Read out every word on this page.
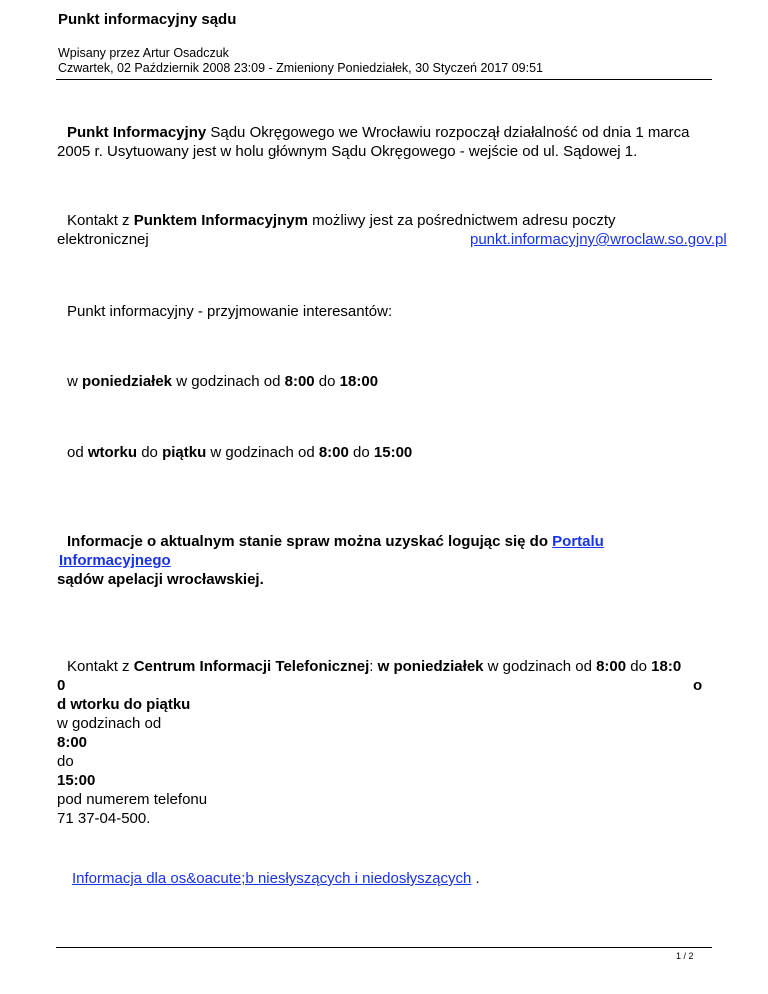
Punkt informacyjny sądu
Wpisany przez Artur Osadczuk
Czwartek, 02 Październik 2008 23:09 - Zmieniony Poniedziałek, 30 Styczeń 2017 09:51
Punkt Informacyjny Sądu Okręgowego we Wrocławiu rozpoczął działalność od dnia 1 marca
2005 r. Usytuowany jest w holu głównym Sądu Okręgowego - wejście od ul. Sądowej 1.
Kontakt z Punktem Informacyjnym możliwy jest za pośrednictwem adresu poczty
elektronicznej	punkt.informacyjny@wroclaw.so.gov.pl
Punkt informacyjny - przyjmowanie interesantów:
w poniedziałek w godzinach od 8:00 do 18:00
od wtorku do piątku w godzinach od 8:00 do 15:00
Informacje o aktualnym stanie spraw można uzyskać logując się do Portalu
Informacyjnego
sądów apelacji wrocławskiej.
Kontakt z Centrum Informacji Telefonicznej: w poniedziałek w godzinach od 8:00 do 18:0
0	o
d wtorku do piątku
w godzinach od
8:00
do
15:00
pod numerem telefonu
71 37-04-500.
Informacja dla os&oacute;b niesłyszących i niedosłyszących .
1 / 2
